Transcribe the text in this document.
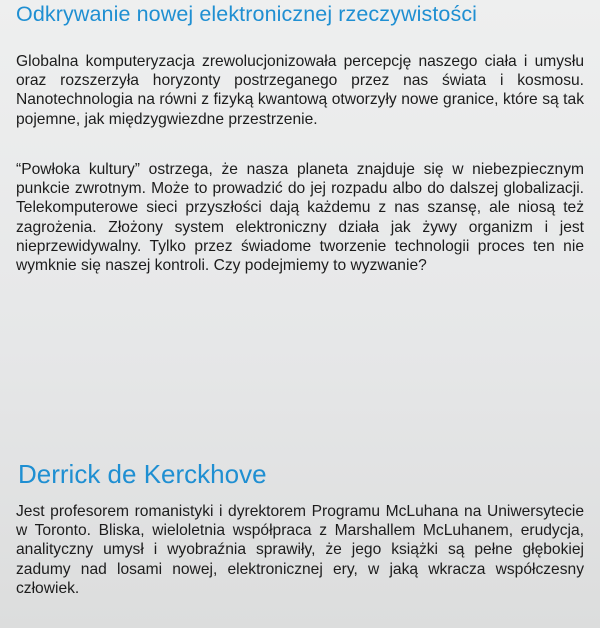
Odkrywanie nowej elektronicznej rzeczywistości

Globalna komputeryzacja zrewolucjonizowała percepcję naszego ciała i umysłu oraz rozszerzyła horyzonty postrzeganego przez nas świata i kosmosu. Nanotechnologia na równi z fizyką kwantową otworzyły nowe granice, które są tak pojemne, jak międzygwiezdne przestrzenie.

“Powłoka kultury” ostrzega, że nasza planeta znajduje się w niebezpiecznym punkcie zwrotnym. Może to prowadzić do jej rozpadu albo do dalszej globalizacji. Telekomputerowe sieci przyszłości dają każdemu z nas szansę, ale niosą też zagrożenia. Złożony system elektroniczny działa jak żywy organizm i jest nieprzewidywalny. Tylko przez świadome tworzenie technologii proces ten nie wymknie się naszej kontroli. Czy podejmiemy to wyzwanie?

Derrick de Kerckhove

Jest profesorem romanistyki i dyrektorem Programu McLuhana na Uniwersytecie w Toronto. Bliska, wieloletnia współpraca z Marshallem McLuhanem, erudycja, analityczny umysł i wyobraźnia sprawiły, że jego książki są pełne głębokiej zadumy nad losami nowej, elektronicznej ery, w jaką wkracza współczesny człowiek.
